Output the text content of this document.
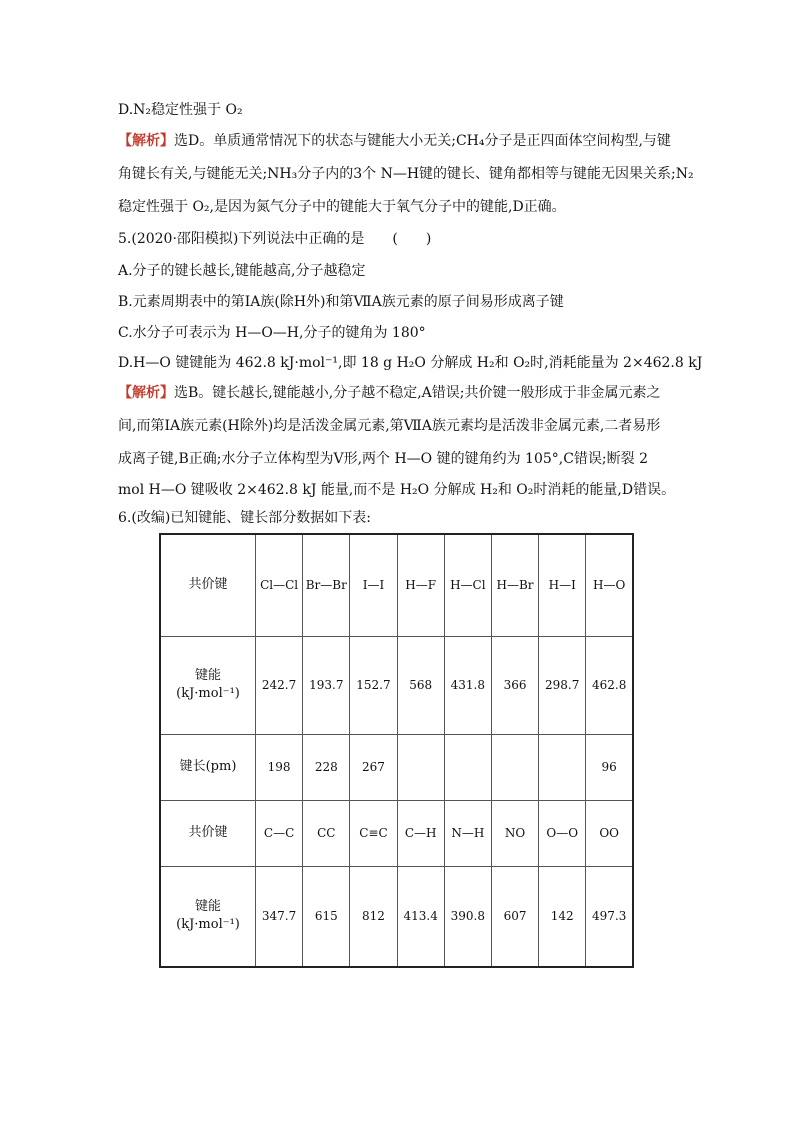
D.N₂稳定性强于 O₂
【解析】选D。单质通常情况下的状态与键能大小无关;CH₄分子是正四面体空间构型,与键
角键长有关,与键能无关;NH₃分子内的3个 N—H键的键长、键角都相等与键能无因果关系;N₂
稳定性强于 O₂,是因为氮气分子中的键能大于氧气分子中的键能,D正确。
5.(2020·邵阳模拟)下列说法中正确的是　　(　　)
A.分子的键长越长,键能越高,分子越稳定
B.元素周期表中的第ⅠA族(除H外)和第ⅦA族元素的原子间易形成离子键
C.水分子可表示为 H—O—H,分子的键角为 180°
D.H—O 键键能为 462.8 kJ·mol⁻¹,即 18 g H₂O 分解成 H₂和 O₂时,消耗能量为 2×462.8 kJ
【解析】选B。键长越长,键能越小,分子越不稳定,A错误;共价键一般形成于非金属元素之
间,而第ⅠA族元素(H除外)均是活泼金属元素,第ⅦA族元素均是活泼非金属元素,二者易形
成离子键,B正确;水分子立体构型为V形,两个 H—O 键的键角约为 105°,C错误;断裂 2
mol H—O 键吸收 2×462.8 kJ 能量,而不是 H₂O 分解成 H₂和 O₂时消耗的能量,D错误。
6.(改编)已知键能、键长部分数据如下表:
共价键	Cl—Cl	Br—Br	I—I	H—F	H—Cl	H—Br	H—I	H—O

键能
(kJ·mol⁻¹)	242.7	193.7	152.7	568	431.8	366	298.7	462.8
键长(pm)	198	228	267					96
共价键	C—C	CC	C≡C	C—H	N—H	NO	O—O	OO

键能
(kJ·mol⁻¹)	347.7	615	812	413.4	390.8	607	142	497.3
